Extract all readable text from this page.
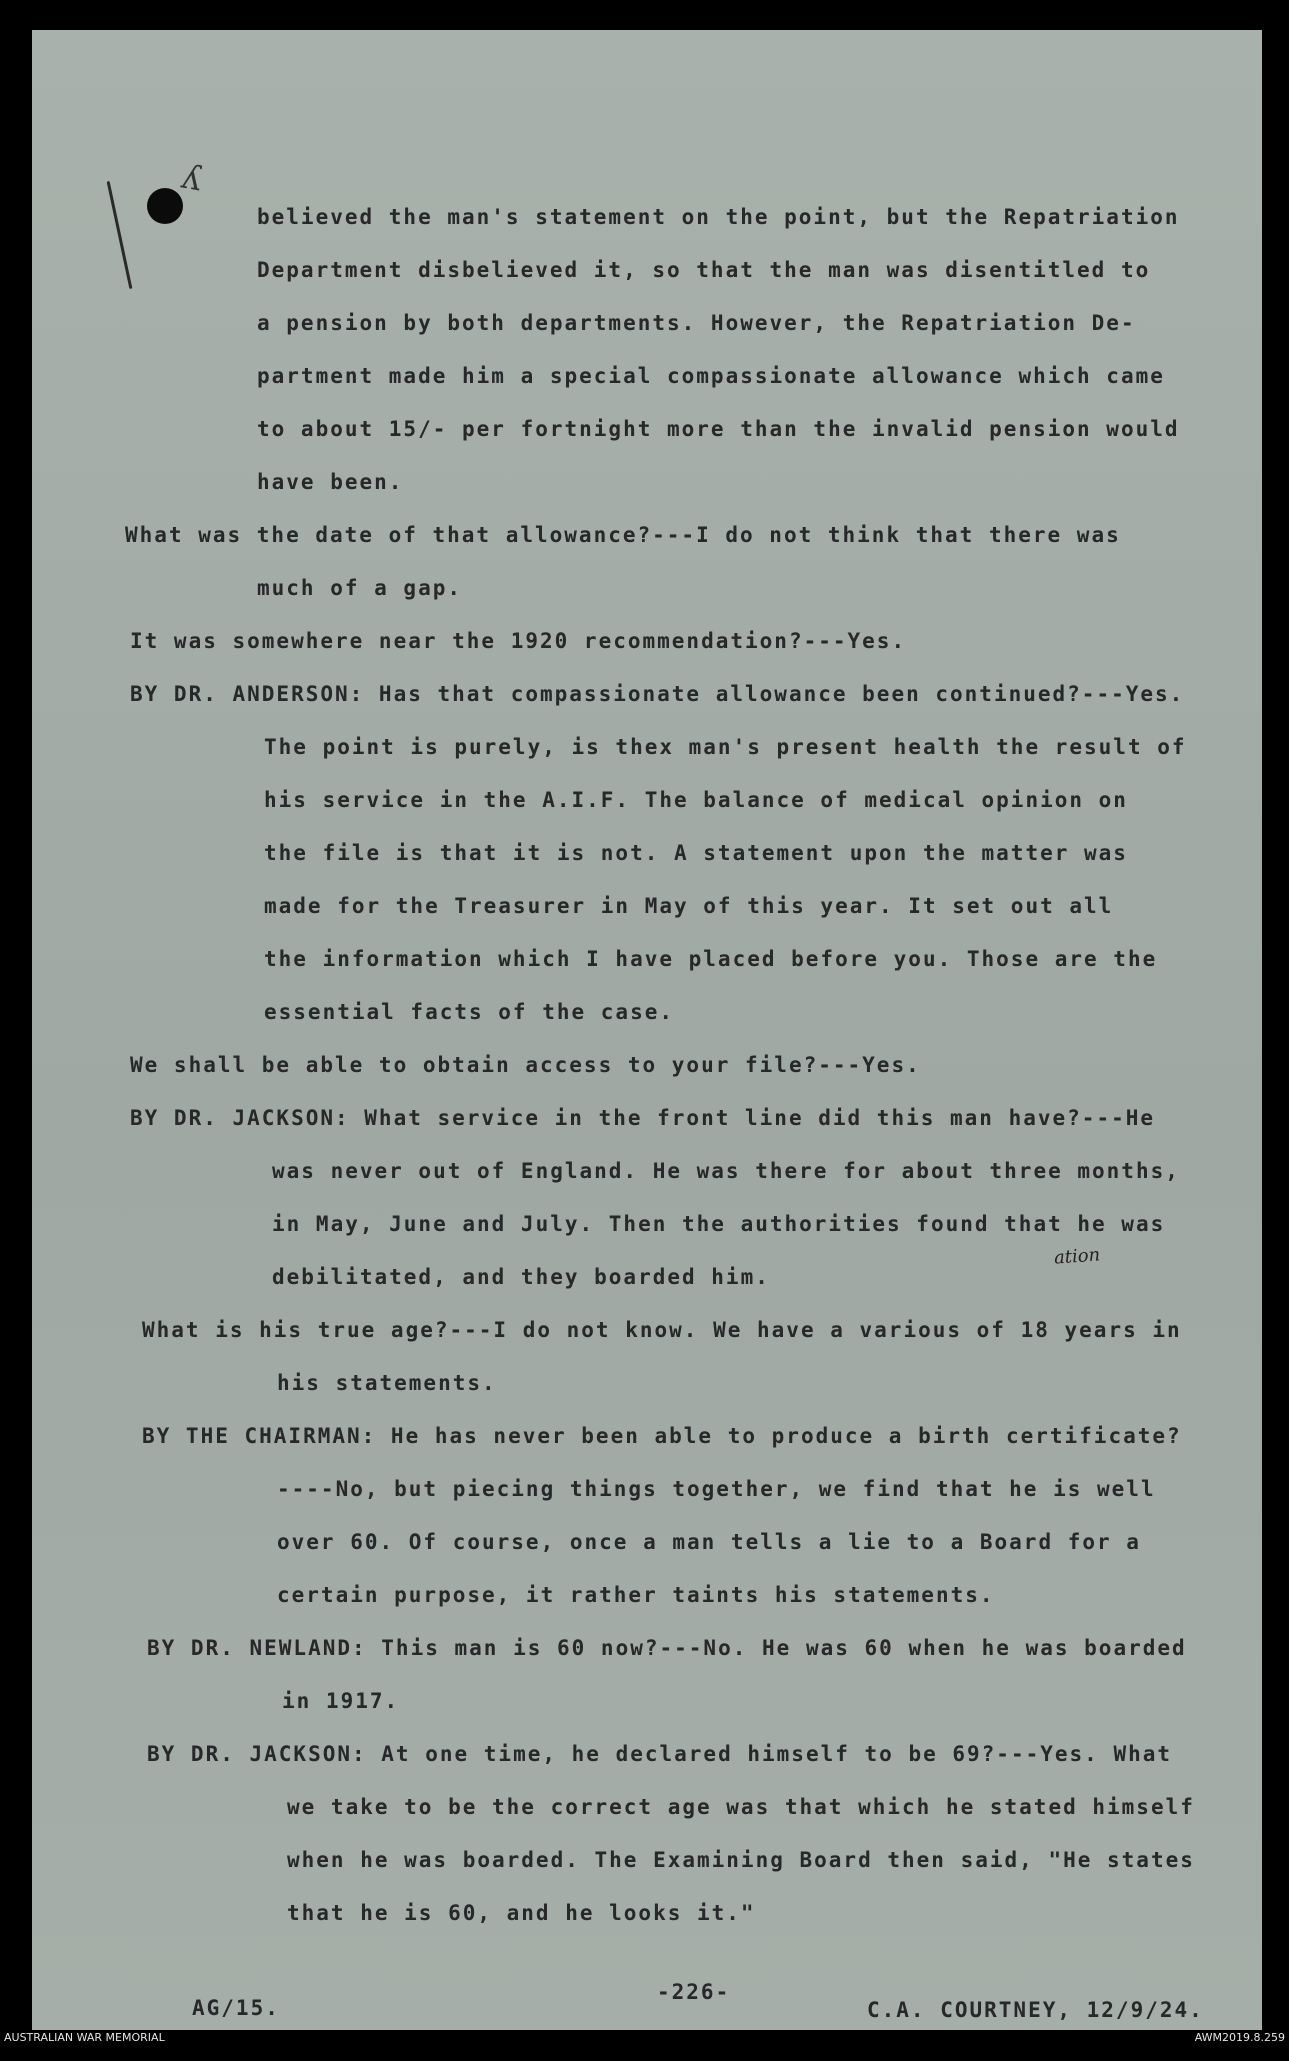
ʎ
believed the man's statement on the point, but the Repatriation
Department disbelieved it, so that the man was disentitled to
a pension by both departments. However, the Repatriation De-
partment made him a special compassionate allowance which came
to about 15/- per fortnight more than the invalid pension would
have been.
What was the date of that allowance?---I do not think that there was
much of a gap.
It was somewhere near the 1920 recommendation?---Yes.
BY DR. ANDERSON: Has that compassionate allowance been continued?---Yes.
The point is purely, is thex man's present health the result of
his service in the A.I.F. The balance of medical opinion on
the file is that it is not. A statement upon the matter was
made for the Treasurer in May of this year. It set out all
the information which I have placed before you. Those are the
essential facts of the case.
We shall be able to obtain access to your file?---Yes.
BY DR. JACKSON: What service in the front line did this man have?---He
was never out of England. He was there for about three months,
in May, June and July. Then the authorities found that he was
debilitated, and they boarded him.
What is his true age?---I do not know. We have a various of 18 years in
his statements.
BY THE CHAIRMAN: He has never been able to produce a birth certificate?
----No, but piecing things together, we find that he is well
over 60. Of course, once a man tells a lie to a Board for a
certain purpose, it rather taints his statements.
BY DR. NEWLAND: This man is 60 now?---No. He was 60 when he was boarded
in 1917.
BY DR. JACKSON: At one time, he declared himself to be 69?---Yes. What
we take to be the correct age was that which he stated himself
when he was boarded. The Examining Board then said, "He states
that he is 60, and he looks it."
ation
AG/15.
-226-
C.A. COURTNEY, 12/9/24.
AUSTRALIAN WAR MEMORIAL	AWM2019.8.259
